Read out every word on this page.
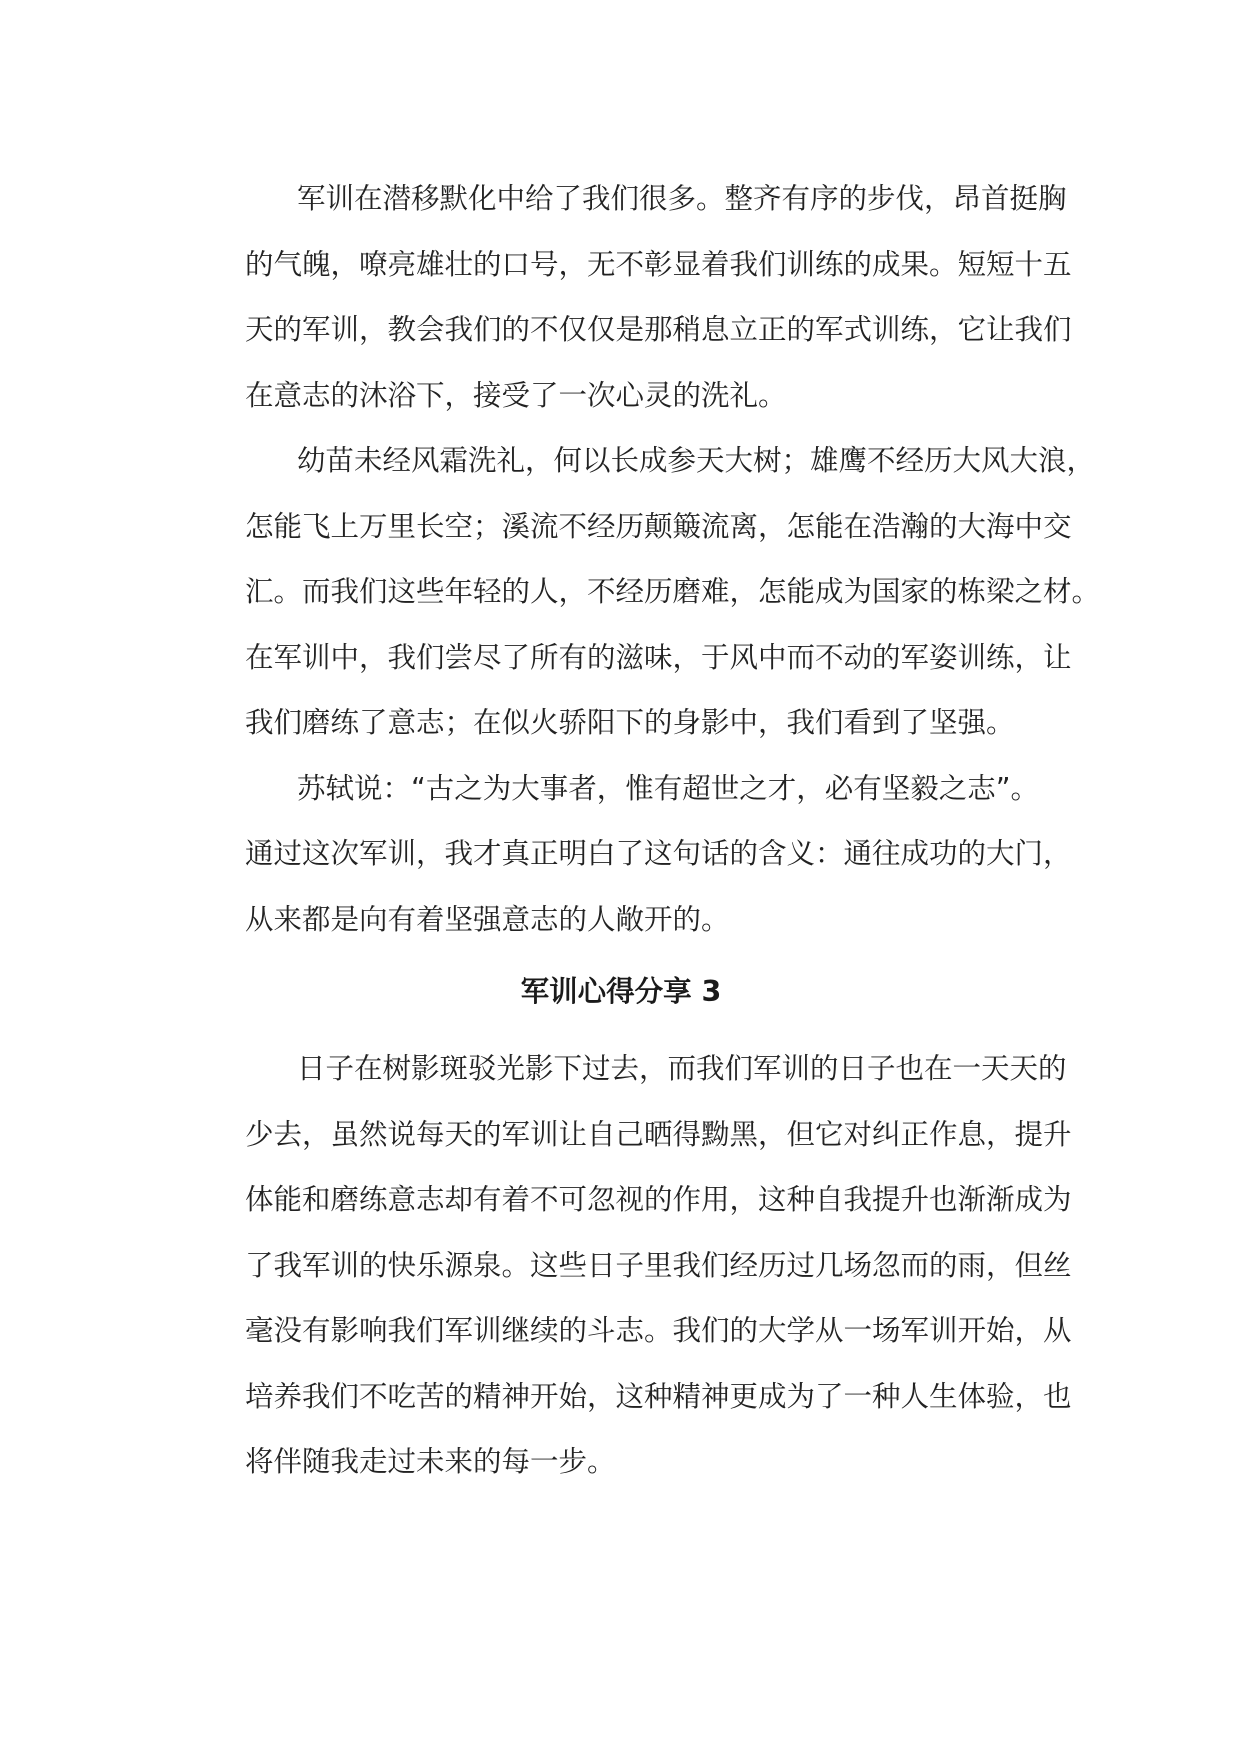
军训在潜移默化中给了我们很多。整齐有序的步伐，昂首挺胸
的气魄，嘹亮雄壮的口号，无不彰显着我们训练的成果。短短十五
天的军训，教会我们的不仅仅是那稍息立正的军式训练，它让我们
在意志的沐浴下，接受了一次心灵的洗礼。
幼苗未经风霜洗礼，何以长成参天大树；雄鹰不经历大风大浪，
怎能飞上万里长空；溪流不经历颠簸流离，怎能在浩瀚的大海中交
汇。而我们这些年轻的人，不经历磨难，怎能成为国家的栋梁之材。
在军训中，我们尝尽了所有的滋味，于风中而不动的军姿训练，让
我们磨练了意志；在似火骄阳下的身影中，我们看到了坚强。
苏轼说：“古之为大事者，惟有超世之才，必有坚毅之志”。
通过这次军训，我才真正明白了这句话的含义：通往成功的大门，
从来都是向有着坚强意志的人敞开的。
军训心得分享 3
日子在树影斑驳光影下过去，而我们军训的日子也在一天天的
少去，虽然说每天的军训让自己晒得黝黑，但它对纠正作息，提升
体能和磨练意志却有着不可忽视的作用，这种自我提升也渐渐成为
了我军训的快乐源泉。这些日子里我们经历过几场忽而的雨，但丝
毫没有影响我们军训继续的斗志。我们的大学从一场军训开始，从
培养我们不吃苦的精神开始，这种精神更成为了一种人生体验，也
将伴随我走过未来的每一步。
